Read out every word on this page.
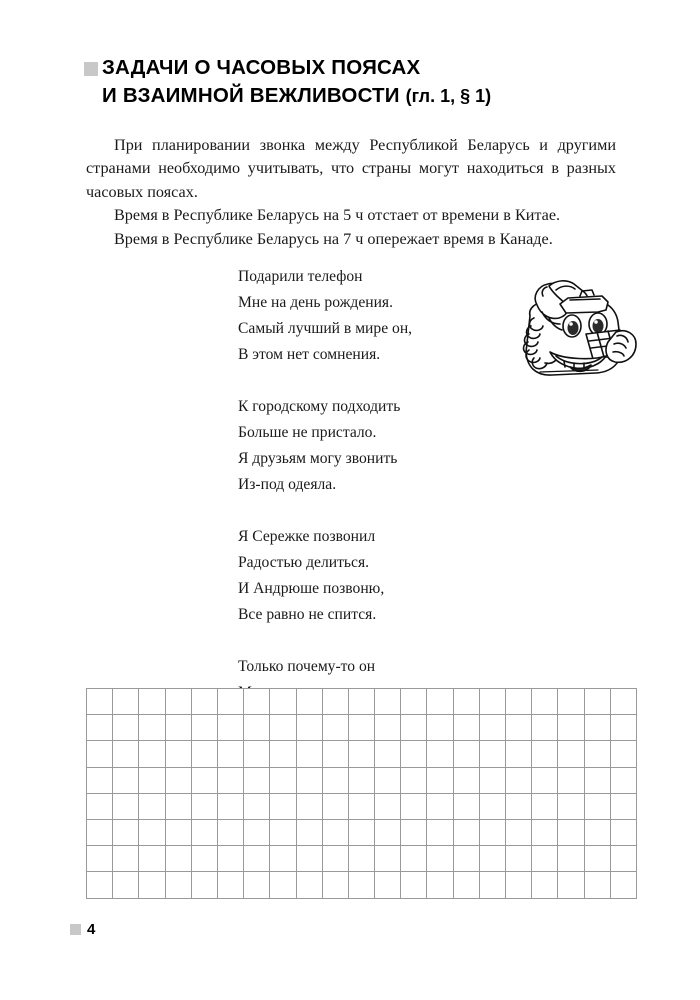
ЗАДАЧИ О ЧАСОВЫХ ПОЯСАХ
И ВЗАИМНОЙ ВЕЖЛИВОСТИ (гл. 1, § 1)

При планировании звонка между Республикой Беларусь и другими странами необходимо учитывать, что страны могут находиться в разных часовых поясах.

Время в Республике Беларусь на 5 ч отстает от времени в Китае.

Время в Республике Беларусь на 7 ч опережает время в Канаде.

Подарили телефон
Мне на день рождения.
Самый лучший в мире он,
В этом нет сомнения.
К городскому подходить
Больше не пристало.
Я друзьям могу звонить
Из-под одеяла.
Я Сережке позвонил
Радостью делиться.
И Андрюше позвоню,
Все равно не спится.
Только почему-то он

4
